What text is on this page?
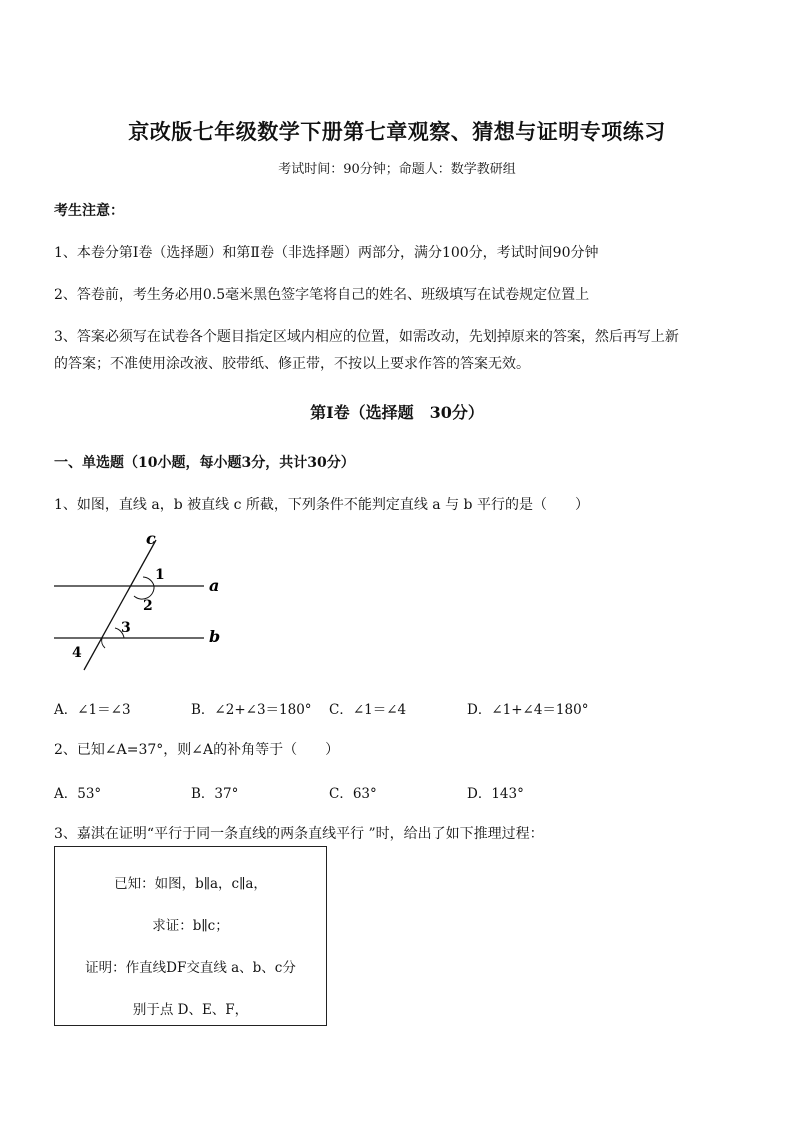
京改版七年级数学下册第七章观察、猜想与证明专项练习
考试时间：90分钟；命题人：数学教研组
考生注意：
1、本卷分第Ⅰ卷（选择题）和第Ⅱ卷（非选择题）两部分，满分100分，考试时间90分钟
2、答卷前，考生务必用0.5毫米黑色签字笔将自己的姓名、班级填写在试卷规定位置上
3、答案必须写在试卷各个题目指定区域内相应的位置，如需改动，先划掉原来的答案，然后再写上新
的答案；不准使用涂改液、胶带纸、修正带，不按以上要求作答的答案无效。
第Ⅰ卷（选择题　30分）
一、单选题（10小题，每小题3分，共计30分）
1、如图，直线 a，b 被直线 c 所截，下列条件不能判定直线 a 与 b 平行的是（　　）
c
a
b
1
2
3
4
A．∠1＝∠3	B．∠2+∠3＝180° C．∠1＝∠4	D．∠1+∠4＝180°
2、已知∠A=37°，则∠A的补角等于（　　）
A．53°	B．37°	C．63°	D．143°
3、嘉淇在证明“平行于同一条直线的两条直线平行 ”时，给出了如下推理过程：
已知：如图，b∥a，c∥a，
求证：b∥c；
证明：作直线DF交直线 a、b、c分
别于点 D、E、F，
